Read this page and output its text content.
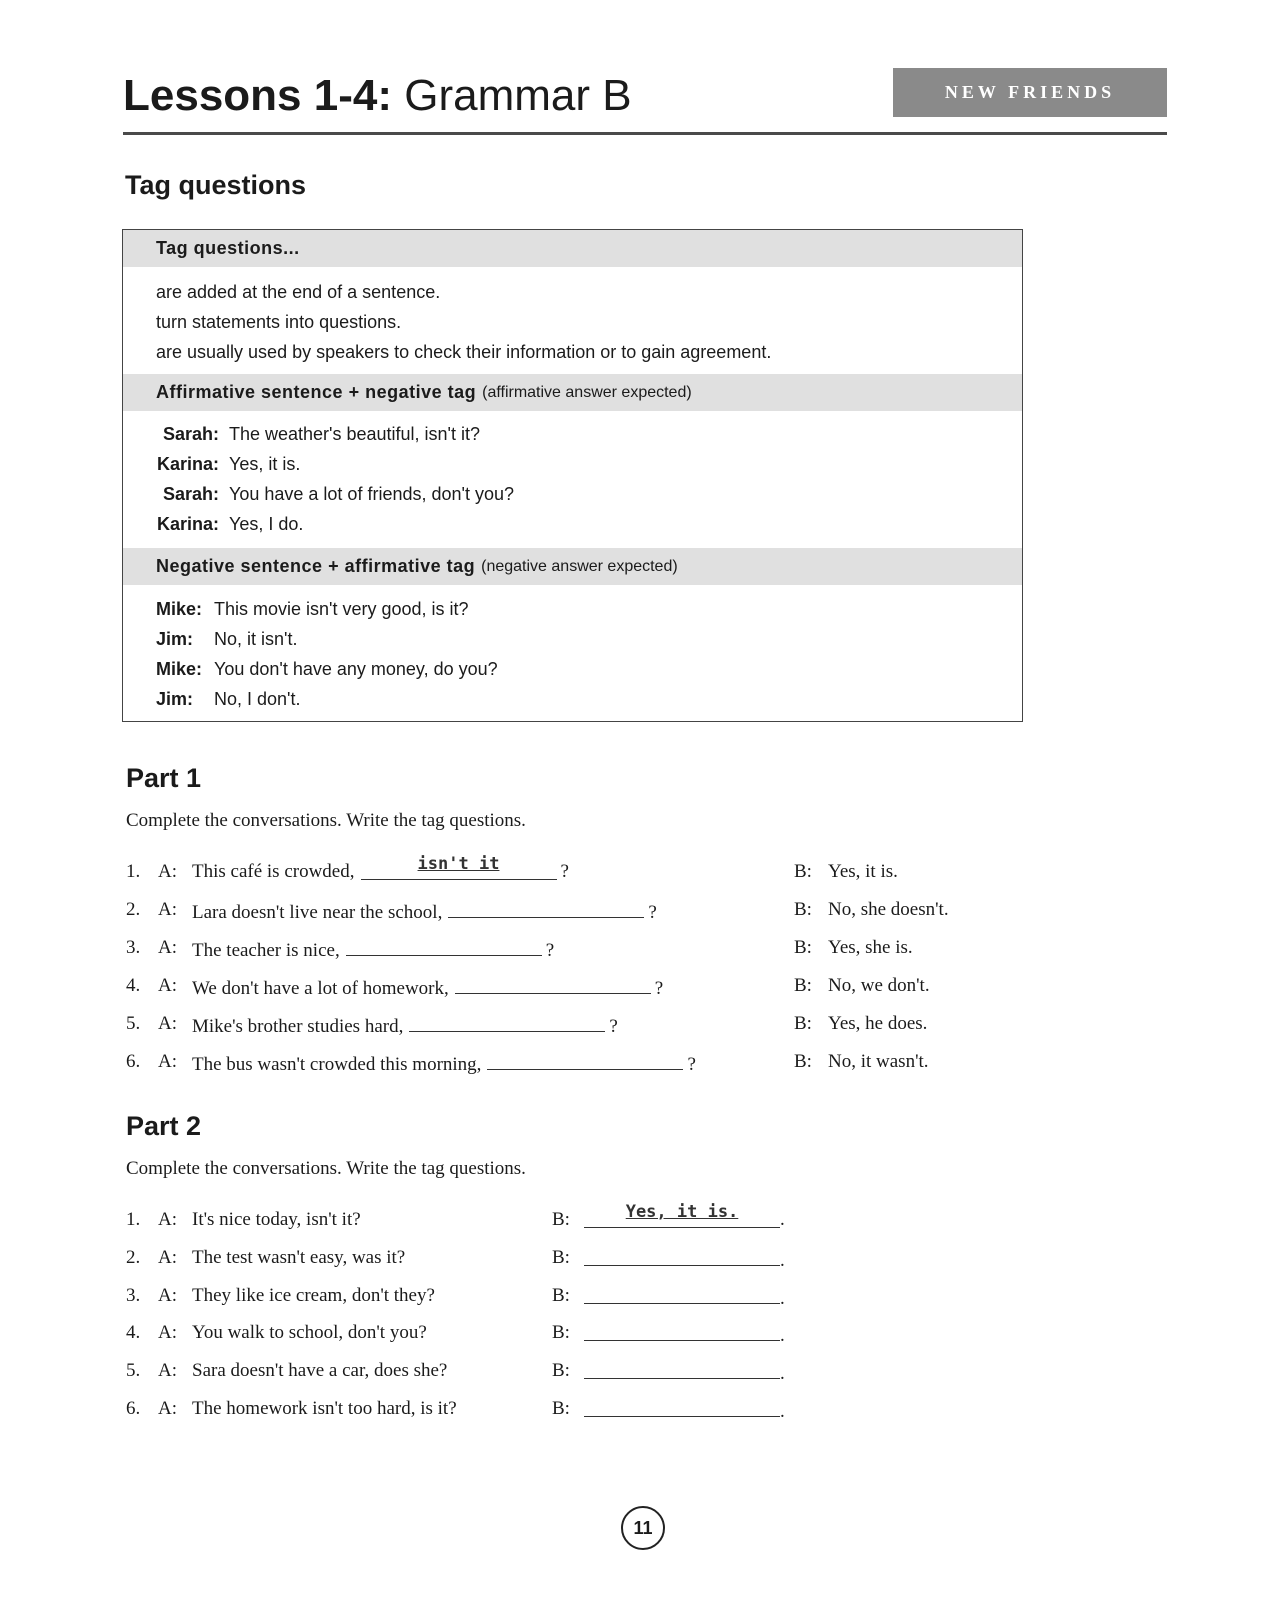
Lessons 1-4: Grammar B	NEW FRIENDS
Tag questions
Tag questions...
are added at the end of a sentence.
turn statements into questions.
are usually used by speakers to check their information or to gain agreement.
Affirmative sentence + negative tag (affirmative answer expected)
Sarah: The weather's beautiful, isn't it?
Karina: Yes, it is.
Sarah: You have a lot of friends, don't you?
Karina: Yes, I do.
Negative sentence + affirmative tag (negative answer expected)
Mike: This movie isn't very good, is it?
Jim:	No, it isn't.
Mike: You don't have any money, do you?
Jim:	No, I don't.
Part 1

Complete the conversations. Write the tag questions.

1. A: This café is crowded,	isn't it	?	B: Yes, it is.
2. A: Lara doesn't live near the school,	?	B: No, she doesn't.
3. A: The teacher is nice,	?	B: Yes, she is.
4. A: We don't have a lot of homework,	?	B: No, we don't.
5. A: Mike's brother studies hard,	?	B: Yes, he does.
6. A: The bus wasn't crowded this morning,	?	B: No, it wasn't.
Part 2

Complete the conversations. Write the tag questions.

1. A: It's nice today, isn't it?	B:	Yes, it is.	.
2. A: The test wasn't easy, was it?	B:	.
3. A: They like ice cream, don't they?	B:	.
4. A: You walk to school, don't you?	B:	.
5. A: Sara doesn't have a car, does she?	B:	.
6. A: The homework isn't too hard, is it?	B:	.
11
